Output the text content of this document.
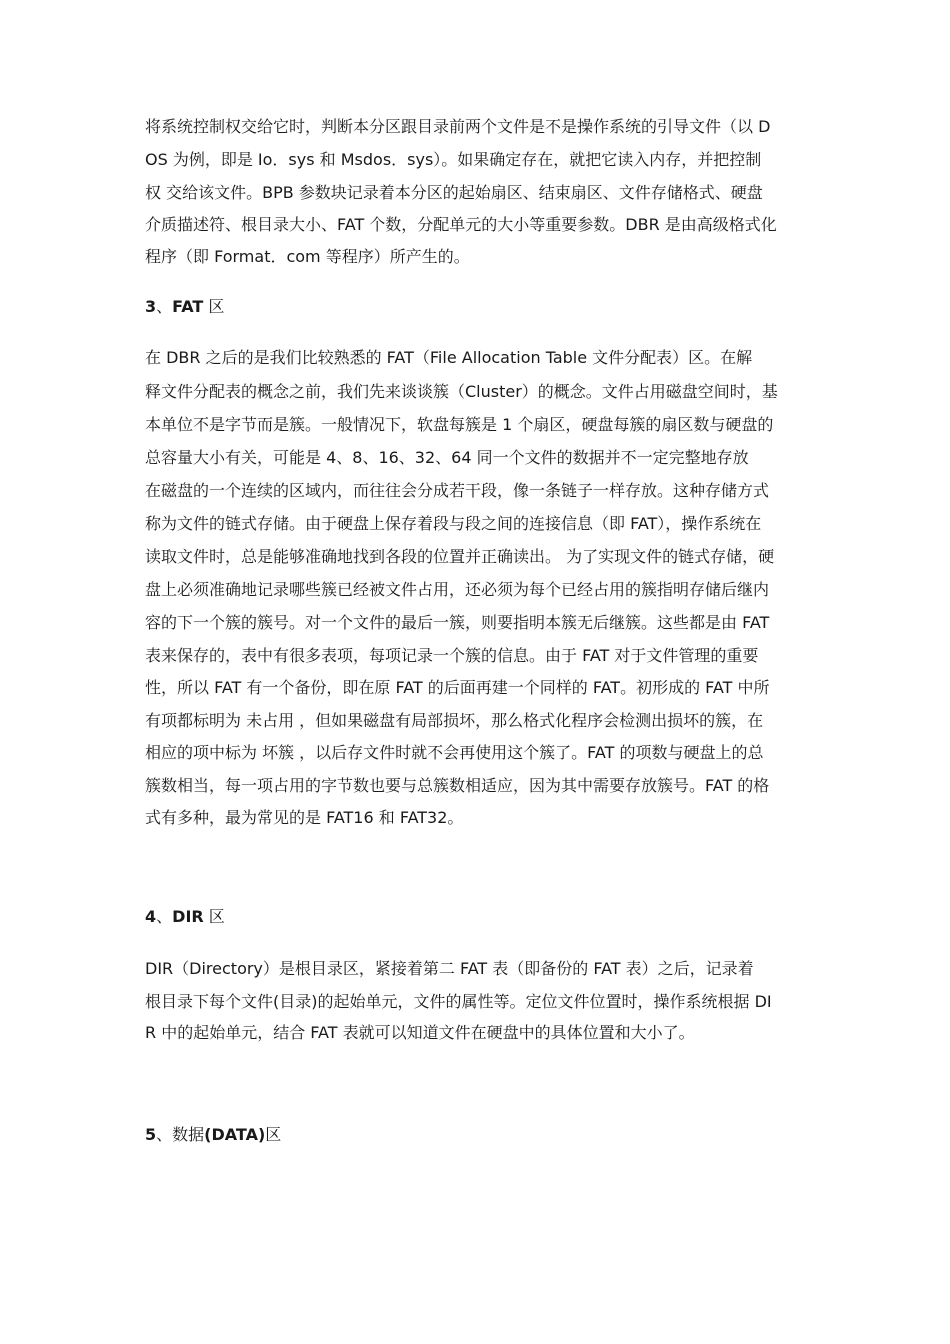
将系统控制权交给它时，判断本分区跟目录前两个文件是不是操作系统的引导文件（以 D
OS 为例，即是 Io．sys 和 Msdos．sys）。如果确定存在，就把它读入内存，并把控制
权 交给该文件。BPB 参数块记录着本分区的起始扇区、结束扇区、文件存储格式、硬盘
介质描述符、根目录大小、FAT 个数，分配单元的大小等重要参数。DBR 是由高级格式化
程序（即 Format．com 等程序）所产生的。
3、FAT 区
在 DBR 之后的是我们比较熟悉的 FAT（File Allocation Table 文件分配表）区。在解
释文件分配表的概念之前，我们先来谈谈簇（Cluster）的概念。文件占用磁盘空间时，基
本单位不是字节而是簇。一般情况下，软盘每簇是 1 个扇区，硬盘每簇的扇区数与硬盘的
总容量大小有关，可能是 4、8、16、32、64 同一个文件的数据并不一定完整地存放
在磁盘的一个连续的区域内，而往往会分成若干段，像一条链子一样存放。这种存储方式
称为文件的链式存储。由于硬盘上保存着段与段之间的连接信息（即 FAT），操作系统在
读取文件时，总是能够准确地找到各段的位置并正确读出。 为了实现文件的链式存储，硬
盘上必须准确地记录哪些簇已经被文件占用，还必须为每个已经占用的簇指明存储后继内
容的下一个簇的簇号。对一个文件的最后一簇，则要指明本簇无后继簇。这些都是由 FAT
表来保存的，表中有很多表项，每项记录一个簇的信息。由于 FAT 对于文件管理的重要
性，所以 FAT 有一个备份，即在原 FAT 的后面再建一个同样的 FAT。初形成的 FAT 中所
有项都标明为 未占用 ，但如果磁盘有局部损坏，那么格式化程序会检测出损坏的簇，在
相应的项中标为 坏簇 ，以后存文件时就不会再使用这个簇了。FAT 的项数与硬盘上的总
簇数相当，每一项占用的字节数也要与总簇数相适应，因为其中需要存放簇号。FAT 的格
式有多种，最为常见的是 FAT16 和 FAT32。
4、DIR 区
DIR（Directory）是根目录区，紧接着第二 FAT 表（即备份的 FAT 表）之后，记录着
根目录下每个文件(目录)的起始单元，文件的属性等。定位文件位置时，操作系统根据 DI
R 中的起始单元，结合 FAT 表就可以知道文件在硬盘中的具体位置和大小了。
5、数据(DATA)区
